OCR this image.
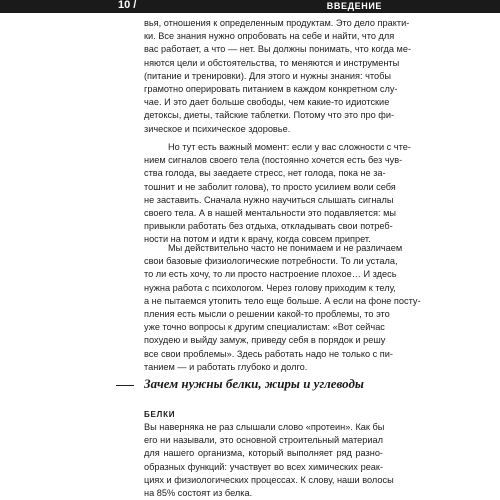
10 /	ВВЕДЕНИЕ
вья, отношения к определенным продуктам. Это дело практи-
ки. Все знания нужно опробовать на себе и найти, что для
вас работает, а что — нет. Вы должны понимать, что когда ме-
няются цели и обстоятельства, то меняются и инструменты
(питание и тренировки). Для этого и нужны знания: чтобы
грамотно оперировать питанием в каждом конкретном слу-
чае. И это дает больше свободы, чем какие-то идиотские
детоксы, диеты, тайские таблетки. Потому что это про фи-
зическое и психическое здоровье.
Но тут есть важный момент: если у вас сложности с чте-
нием сигналов своего тела (постоянно хочется есть без чув-
ства голода, вы заедаете стресс, нет голода, пока не за-
тошнит и не заболит голова), то просто усилием воли себя
не заставить. Сначала нужно научиться слышать сигналы
своего тела. А в нашей ментальности это подавляется: мы
привыкли работать без отдыха, откладывать свои потреб-
ности на потом и идти к врачу, когда совсем припрет.
Мы действительно часто не понимаем и не различаем
свои базовые физиологические потребности. То ли устала,
то ли есть хочу, то ли просто настроение плохое… И здесь
нужна работа с психологом. Через голову приходим к телу,
а не пытаемся утопить тело еще больше. А если на фоне посту-
пления есть мысли о решении какой-то проблемы, то это
уже точно вопросы к другим специалистам: «Вот сейчас
похудею и выйду замуж, приведу себя в порядок и решу
все свои проблемы». Здесь работать надо не только с пи-
танием — и работать глубоко и долго.
Зачем нужны белки, жиры и углеводы
БЕЛКИ
Вы наверняка не раз слышали слово «протеин». Как бы
его ни называли, это основной строительный материал
для нашего организма, который выполняет ряд разно-
образных функций: участвует во всех химических реак-
циях и физиологических процессах. К слову, наши волосы
на 85% состоят из белка.
